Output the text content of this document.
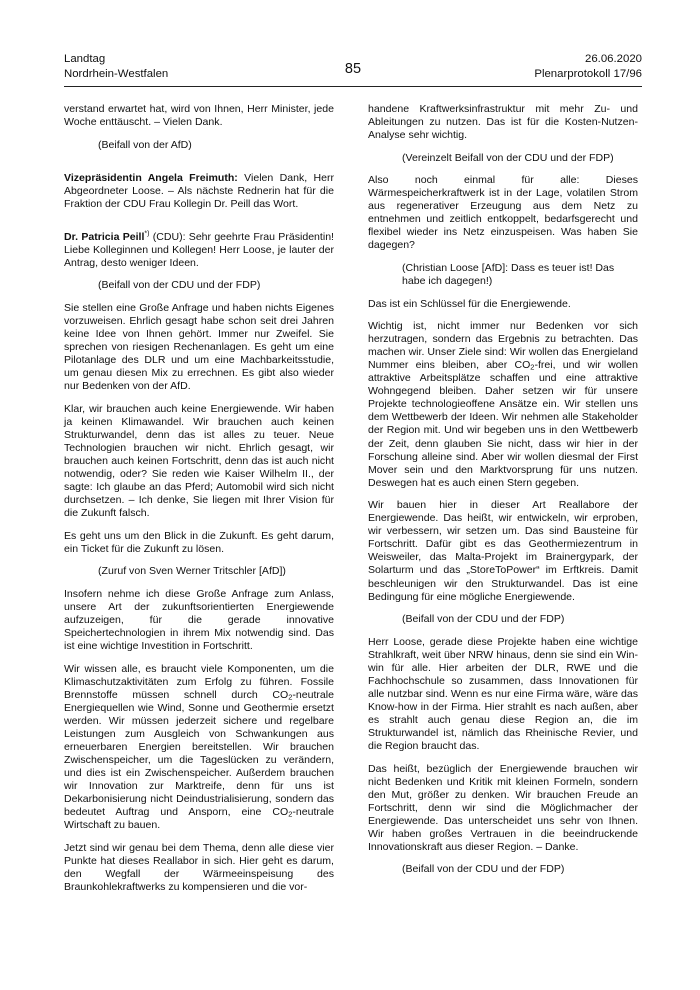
Landtag
Nordrhein-Westfalen	85
26.06.2020
Plenarprotokoll 17/96

verstand erwartet hat, wird von Ihnen, Herr Minister, jede Woche enttäuscht. – Vielen Dank.

(Beifall von der AfD)

Vizepräsidentin Angela Freimuth: Vielen Dank, Herr Abgeordneter Loose. – Als nächste Rednerin hat für die Fraktion der CDU Frau Kollegin Dr. Peill das Wort.

Dr. Patricia Peill*) (CDU): Sehr geehrte Frau Präsidentin! Liebe Kolleginnen und Kollegen! Herr Loose, je lauter der Antrag, desto weniger Ideen.

(Beifall von der CDU und der FDP)

Sie stellen eine Große Anfrage und haben nichts Eigenes vorzuweisen. Ehrlich gesagt habe schon seit drei Jahren keine Idee von Ihnen gehört. Immer nur Zweifel. Sie sprechen von riesigen Rechenanlagen. Es geht um eine Pilotanlage des DLR und um eine Machbarkeitsstudie, um genau diesen Mix zu errechnen. Es gibt also wieder nur Bedenken von der AfD.

Klar, wir brauchen auch keine Energiewende. Wir haben ja keinen Klimawandel. Wir brauchen auch keinen Strukturwandel, denn das ist alles zu teuer. Neue Technologien brauchen wir nicht. Ehrlich gesagt, wir brauchen auch keinen Fortschritt, denn das ist auch nicht notwendig, oder? Sie reden wie Kaiser Wilhelm II., der sagte: Ich glaube an das Pferd; Automobil wird sich nicht durchsetzen. – Ich denke, Sie liegen mit Ihrer Vision für die Zukunft falsch.

Es geht uns um den Blick in die Zukunft. Es geht darum, ein Ticket für die Zukunft zu lösen.

(Zuruf von Sven Werner Tritschler [AfD])

Insofern nehme ich diese Große Anfrage zum Anlass, unsere Art der zukunftsorientierten Energiewende aufzuzeigen, für die gerade innovative Speichertechnologien in ihrem Mix notwendig sind. Das ist eine wichtige Investition in Fortschritt.

Wir wissen alle, es braucht viele Komponenten, um die Klimaschutzaktivitäten zum Erfolg zu führen. Fossile Brennstoffe müssen schnell durch $CO_2$-neutrale Energiequellen wie Wind, Sonne und Geothermie ersetzt werden. Wir müssen jederzeit sichere und regelbare Leistungen zum Ausgleich von Schwankungen aus erneuerbaren Energien bereitstellen. Wir brauchen Zwischenspeicher, um die Tageslücken zu verändern, und dies ist ein Zwischenspeicher. Außerdem brauchen wir Innovation zur Marktreife, denn für uns ist Dekarbonisierung nicht Deindustrialisierung, sondern das bedeutet Auftrag und Ansporn, eine $CO_2$-neutrale Wirtschaft zu bauen.

Jetzt sind wir genau bei dem Thema, denn alle diese vier Punkte hat dieses Reallabor in sich. Hier geht es darum, den Wegfall der Wärmeeinspeisung des Braunkohlekraftwerks zu kompensieren und die vor-

handene Kraftwerksinfrastruktur mit mehr Zu- und Ableitungen zu nutzen. Das ist für die Kosten-Nutzen-Analyse sehr wichtig.

(Vereinzelt Beifall von der CDU und der FDP)

Also noch einmal für alle: Dieses Wärmespeicherkraftwerk ist in der Lage, volatilen Strom aus regenerativer Erzeugung aus dem Netz zu entnehmen und zeitlich entkoppelt, bedarfsgerecht und flexibel wieder ins Netz einzuspeisen. Was haben Sie dagegen?

(Christian Loose [AfD]: Dass es teuer ist! Das habe ich dagegen!)

Das ist ein Schlüssel für die Energiewende.

Wichtig ist, nicht immer nur Bedenken vor sich herzutragen, sondern das Ergebnis zu betrachten. Das machen wir. Unser Ziele sind: Wir wollen das Energieland Nummer eins bleiben, aber $CO_2$-frei, und wir wollen attraktive Arbeitsplätze schaffen und eine attraktive Wohngegend bleiben. Daher setzen wir für unsere Projekte technologieoffene Ansätze ein. Wir stellen uns dem Wettbewerb der Ideen. Wir nehmen alle Stakeholder der Region mit. Und wir begeben uns in den Wettbewerb der Zeit, denn glauben Sie nicht, dass wir hier in der Forschung alleine sind. Aber wir wollen diesmal der First Mover sein und den Marktvorsprung für uns nutzen. Deswegen hat es auch einen Stern gegeben.

Wir bauen hier in dieser Art Reallabore der Energiewende. Das heißt, wir entwickeln, wir erproben, wir verbessern, wir setzen um. Das sind Bausteine für Fortschritt. Dafür gibt es das Geothermiezentrum in Weisweiler, das Malta-Projekt im Brainergypark, der Solarturm und das „StoreToPower“ im Erftkreis. Damit beschleunigen wir den Strukturwandel. Das ist eine Bedingung für eine mögliche Energiewende.

(Beifall von der CDU und der FDP)

Herr Loose, gerade diese Projekte haben eine wichtige Strahlkraft, weit über NRW hinaus, denn sie sind ein Win-win für alle. Hier arbeiten der DLR, RWE und die Fachhochschule so zusammen, dass Innovationen für alle nutzbar sind. Wenn es nur eine Firma wäre, wäre das Know-how in der Firma. Hier strahlt es nach außen, aber es strahlt auch genau diese Region an, die im Strukturwandel ist, nämlich das Rheinische Revier, und die Region braucht das.

Das heißt, bezüglich der Energiewende brauchen wir nicht Bedenken und Kritik mit kleinen Formeln, sondern den Mut, größer zu denken. Wir brauchen Freude an Fortschritt, denn wir sind die Möglichmacher der Energiewende. Das unterscheidet uns sehr von Ihnen. Wir haben großes Vertrauen in die beeindruckende Innovationskraft aus dieser Region. – Danke.

(Beifall von der CDU und der FDP)
